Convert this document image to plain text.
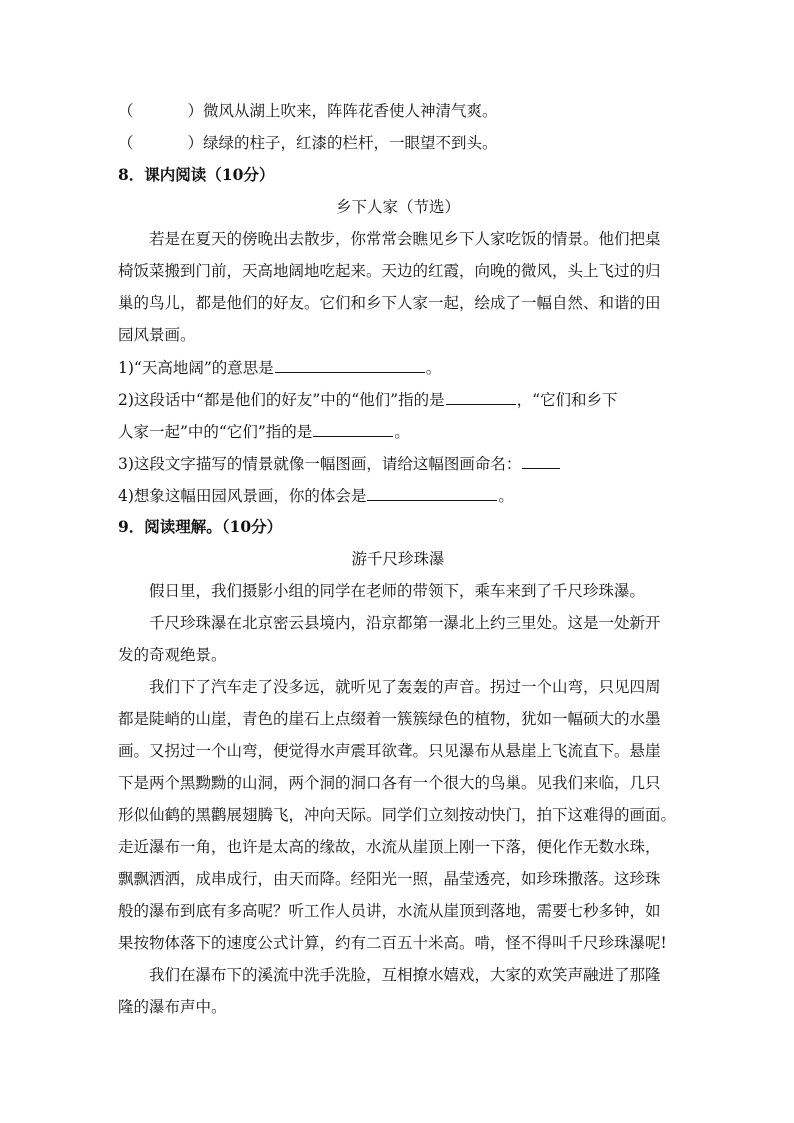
（	）微风从湖上吹来，阵阵花香使人神清气爽。
（	）绿绿的柱子，红漆的栏杆，一眼望不到头。
8．课内阅读（10分）
乡下人家（节选）
若是在夏天的傍晚出去散步，你常常会瞧见乡下人家吃饭的情景。他们把桌
椅饭菜搬到门前，天高地阔地吃起来。天边的红霞，向晚的微风，头上飞过的归
巢的鸟儿，都是他们的好友。它们和乡下人家一起，绘成了一幅自然、和谐的田
园风景画。
1)“天高地阔”的意思是	。
2)这段话中“都是他们的好友”中的“他们”指的是	，“它们和乡下
人家一起”中的“它们”指的是	。
3)这段文字描写的情景就像一幅图画，请给这幅图画命名：
4)想象这幅田园风景画，你的体会是	。
9．阅读理解。（10分）
游千尺珍珠瀑
假日里，我们摄影小组的同学在老师的带领下，乘车来到了千尺珍珠瀑。
千尺珍珠瀑在北京密云县境内，沿京都第一瀑北上约三里处。这是一处新开
发的奇观绝景。
我们下了汽车走了没多远，就听见了轰轰的声音。拐过一个山弯，只见四周
都是陡峭的山崖，青色的崖石上点缀着一簇簇绿色的植物，犹如一幅硕大的水墨
画。又拐过一个山弯，便觉得水声震耳欲聋。只见瀑布从悬崖上飞流直下。悬崖
下是两个黑黝黝的山洞，两个洞的洞口各有一个很大的鸟巢。见我们来临，几只
形似仙鹤的黑鹳展翅腾飞，冲向天际。同学们立刻按动快门，拍下这难得的画面。
走近瀑布一角，也许是太高的缘故，水流从崖顶上刚一下落，便化作无数水珠，
飘飘洒洒，成串成行，由天而降。经阳光一照，晶莹透亮，如珍珠撒落。这珍珠
般的瀑布到底有多高呢？听工作人员讲，水流从崖顶到落地，需要七秒多钟，如
果按物体落下的速度公式计算，约有二百五十米高。啃，怪不得叫千尺珍珠瀑呢!
我们在瀑布下的溪流中洗手洗脸，互相撩水嬉戏，大家的欢笑声融进了那隆
隆的瀑布声中。
